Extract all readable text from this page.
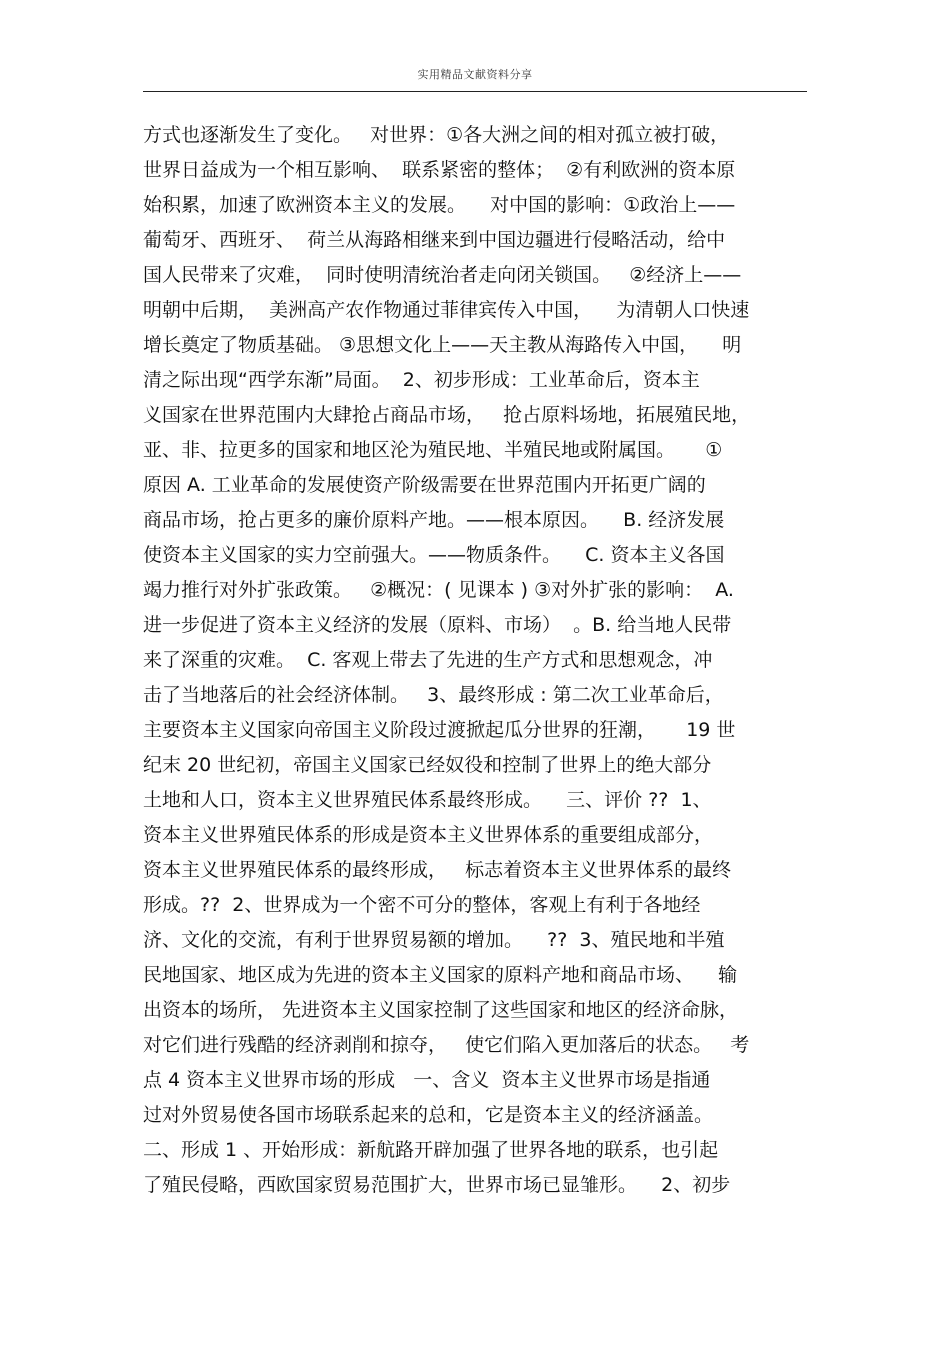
实用精品文献资料分享
方式也逐渐发生了变化。   对世界：①各大洲之间的相对孤立被打破，
世界日益成为一个相互影响、  联系紧密的整体；  ②有利欧洲的资本原
始积累，加速了欧洲资本主义的发展。    对中国的影响：①政治上——
葡萄牙、西班牙、  荷兰从海路相继来到中国边疆进行侵略活动，给中
国人民带来了灾难，  同时使明清统治者走向闭关锁国。   ②经济上——
明朝中后期，  美洲高产农作物通过菲律宾传入中国，    为清朝人口快速
增长奠定了物质基础。 ③思想文化上——天主教从海路传入中国，    明
清之际出现“西学东渐”局面。  2、初步形成：工业革命后，资本主
义国家在世界范围内大肆抢占商品市场，   抢占原料场地，拓展殖民地，
亚、非、拉更多的国家和地区沦为殖民地、半殖民地或附属国。     ①
原因 A. 工业革命的发展使资产阶级需要在世界范围内开拓更广阔的
商品市场，抢占更多的廉价原料产地。——根本原因。    B. 经济发展
使资本主义国家的实力空前强大。——物质条件。    C. 资本主义各国
竭力推行对外扩张政策。   ②概况：( 见课本 ) ③对外扩张的影响：  A.
进一步促进了资本主义经济的发展（原料、市场）  。B. 给当地人民带
来了深重的灾难。  C. 客观上带去了先进的生产方式和思想观念，冲
击了当地落后的社会经济体制。   3、最终形成 : 第二次工业革命后，
主要资本主义国家向帝国主义阶段过渡掀起瓜分世界的狂潮，     19 世
纪末 20 世纪初，帝国主义国家已经奴役和控制了世界上的绝大部分
土地和人口，资本主义世界殖民体系最终形成。    三、评价 ??  1、
资本主义世界殖民体系的形成是资本主义世界体系的重要组成部分，
资本主义世界殖民体系的最终形成，   标志着资本主义世界体系的最终
形成。??  2、世界成为一个密不可分的整体，客观上有利于各地经
济、文化的交流，有利于世界贸易额的增加。    ??  3、殖民地和半殖
民地国家、地区成为先进的资本主义国家的原料产地和商品市场、    输
出资本的场所， 先进资本主义国家控制了这些国家和地区的经济命脉，
对它们进行残酷的经济剥削和掠夺，   使它们陷入更加落后的状态。   考
点 4 资本主义世界市场的形成   一、含义  资本主义世界市场是指通
过对外贸易使各国市场联系起来的总和，它是资本主义的经济涵盖。
二、形成 1 、开始形成：新航路开辟加强了世界各地的联系，也引起
了殖民侵略，西欧国家贸易范围扩大，世界市场已显雏形。    2、初步
